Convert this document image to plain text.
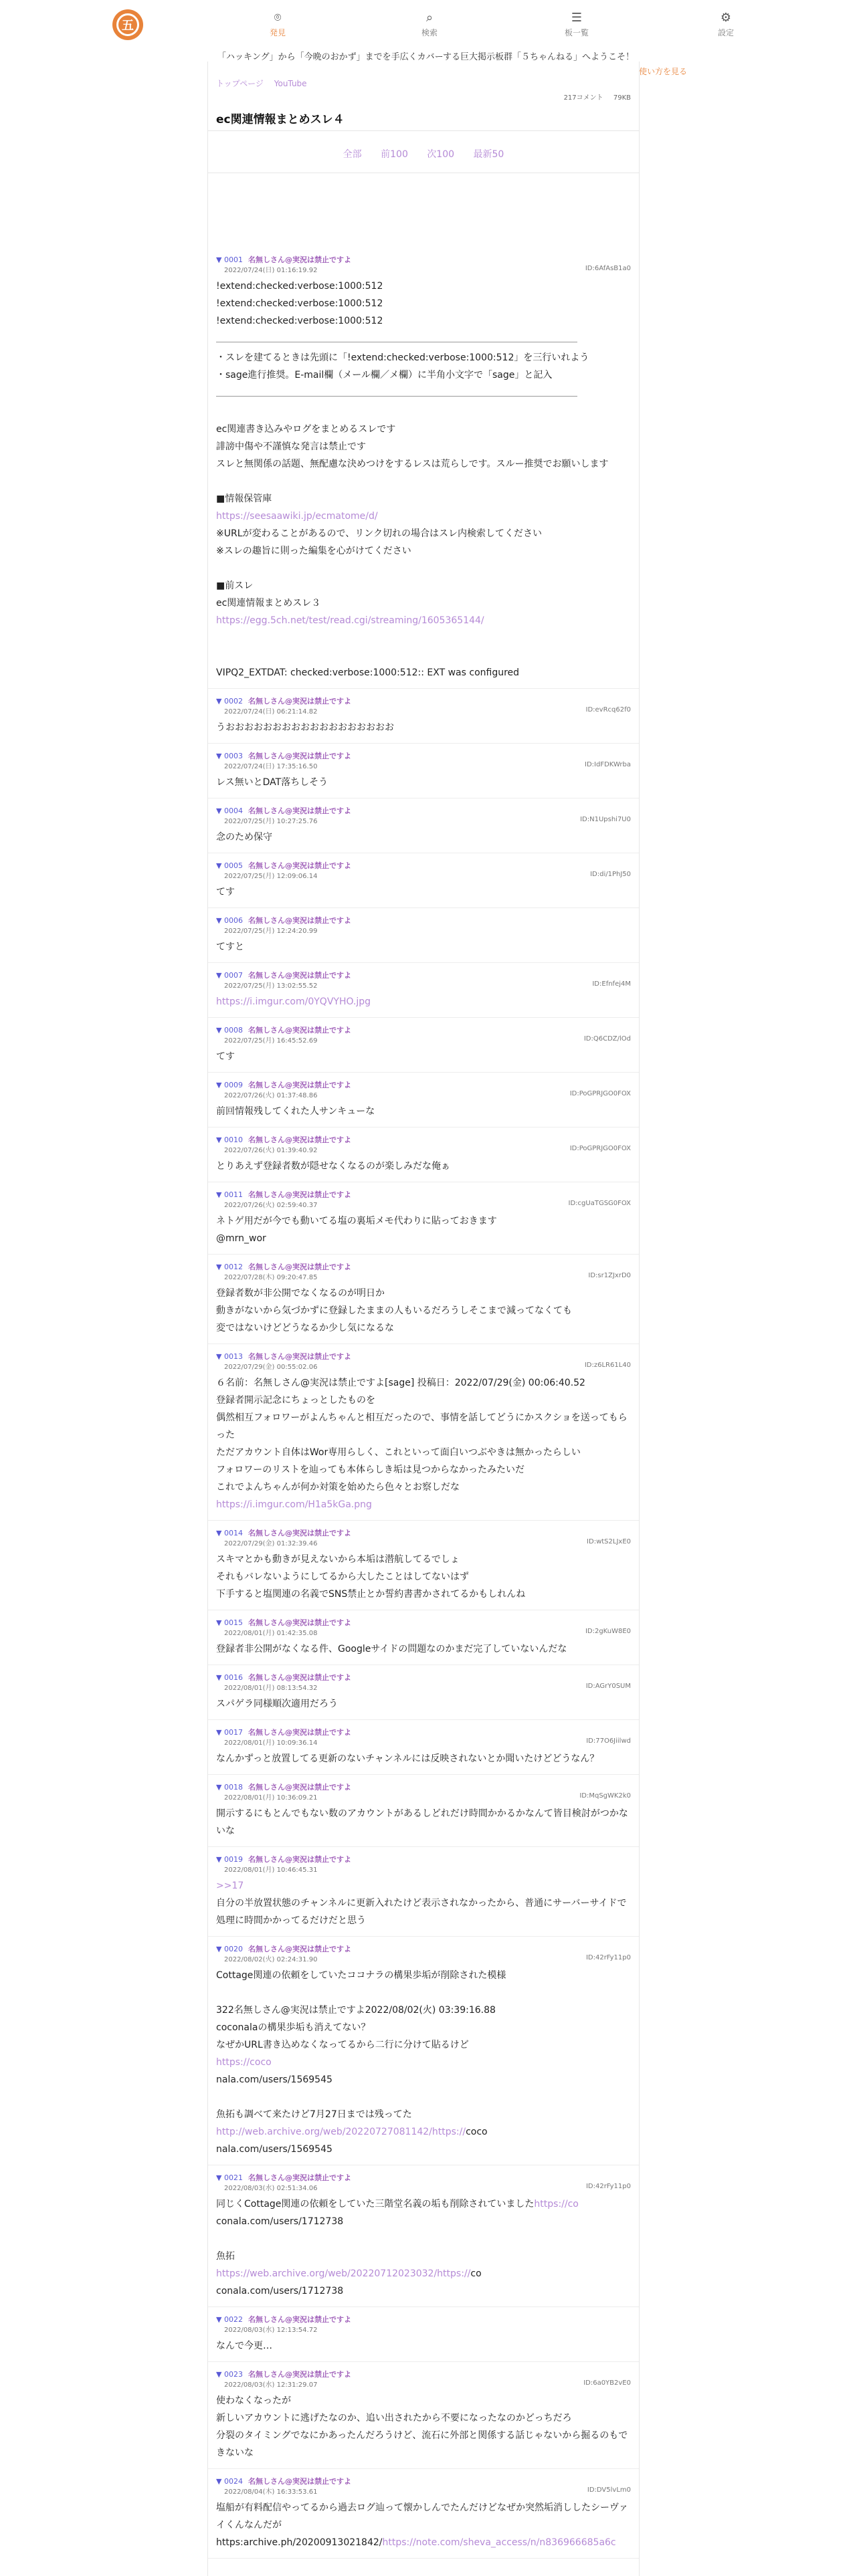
五
⌾
発見
⌕
検索
☰
板一覧
⚙
設定
トップページ YouTube
217コメント 79KB
ec関連情報まとめスレ４
全部 前100 次100 最新50
▼ 0001 名無しさん@実況は禁止ですよ
2022/07/24(日) 01:16:19.92	ID:6AfAsB1a0
!extend:checked:verbose:1000:512
!extend:checked:verbose:1000:512
!extend:checked:verbose:1000:512
・スレを建てるときは先頭に「!extend:checked:verbose:1000:512」を三行いれよう
・sage進行推奨。E-mail欄（メール欄／メ欄）に半角小文字で「sage」と記入
ec関連書き込みやログをまとめるスレです
誹謗中傷や不謹慎な発言は禁止です
スレと無関係の話題、無配慮な決めつけをするレスは荒らしです。スルー推奨でお願いします
■情報保管庫
https://seesaawiki.jp/ecmatome/d/
※URLが変わることがあるので、リンク切れの場合はスレ内検索してください
※スレの趣旨に則った編集を心がけてください
■前スレ
ec関連情報まとめスレ３
https://egg.5ch.net/test/read.cgi/streaming/1605365144/
VIPQ2_EXTDAT: checked:verbose:1000:512:: EXT was configured
▼ 0002 名無しさん@実況は禁止ですよ
2022/07/24(日) 06:21:14.82	ID:evRcq62f0
うおおおおおおおおおおおおおおおおおお
▼ 0003 名無しさん@実況は禁止ですよ
2022/07/24(日) 17:35:16.50	ID:IdFDKWrba
レス無いとDAT落ちしそう
▼ 0004 名無しさん@実況は禁止ですよ
2022/07/25(月) 10:27:25.76	ID:N1Upshi7U0
念のため保守
▼ 0005 名無しさん@実況は禁止ですよ
2022/07/25(月) 12:09:06.14	ID:di/1PhJ50
てす
▼ 0006 名無しさん@実況は禁止ですよ
2022/07/25(月) 12:24:20.99
てすと
▼ 0007 名無しさん@実況は禁止ですよ
2022/07/25(月) 13:02:55.52	ID:Efnfej4M
https://i.imgur.com/0YQVYHO.jpg
▼ 0008 名無しさん@実況は禁止ですよ
2022/07/25(月) 16:45:52.69	ID:Q6CDZ/lOd
てす
▼ 0009 名無しさん@実況は禁止ですよ
2022/07/26(火) 01:37:48.86	ID:PoGPRJGO0FOX
前回情報残してくれた人サンキューな
▼ 0010 名無しさん@実況は禁止ですよ
2022/07/26(火) 01:39:40.92	ID:PoGPRJGO0FOX
とりあえず登録者数が隠せなくなるのが楽しみだな俺ぁ
▼ 0011 名無しさん@実況は禁止ですよ
2022/07/26(火) 02:59:40.37	ID:cgUaTGSG0FOX
ネトゲ用だが今でも動いてる塩の裏垢メモ代わりに貼っておきます
@mrn_wor
▼ 0012 名無しさん@実況は禁止ですよ
2022/07/28(木) 09:20:47.85	ID:sr1ZJxrD0
登録者数が非公開でなくなるのが明日か
動きがないから気づかずに登録したままの人もいるだろうしそこまで減ってなくても
変ではないけどどうなるか少し気になるな
▼ 0013 名無しさん@実況は禁止ですよ
2022/07/29(金) 00:55:02.06	ID:z6LR61L40
６名前：名無しさん@実況は禁止ですよ[sage] 投稿日：2022/07/29(金) 00:06:40.52
登録者開示記念にちょっとしたものを
偶然相互フォロワーがよんちゃんと相互だったので、事情を話してどうにかスクショを送ってもらった
ただアカウント自体はWor専用らしく、これといって面白いつぶやきは無かったらしい
フォロワーのリストを辿っても本体らしき垢は見つからなかったみたいだ
これでよんちゃんが何か対策を始めたら色々とお察しだな
https://i.imgur.com/H1a5kGa.png
▼ 0014 名無しさん@実況は禁止ですよ
2022/07/29(金) 01:32:39.46	ID:wtS2LJxE0
スキマとかも動きが見えないから本垢は潜航してるでしょ
それもバレないようにしてるから大したことはしてないはず
下手すると塩関連の名義でSNS禁止とか誓約書書かされてるかもしれんね
▼ 0015 名無しさん@実況は禁止ですよ
2022/08/01(月) 01:42:35.08	ID:2gKuW8E0
登録者非公開がなくなる件、Googleサイドの問題なのかまだ完了していないんだな
▼ 0016 名無しさん@実況は禁止ですよ
2022/08/01(月) 08:13:54.32	ID:AGrY0SUM
スパゲラ同様順次適用だろう
▼ 0017 名無しさん@実況は禁止ですよ
2022/08/01(月) 10:09:36.14	ID:77O6Jiilwd
なんかずっと放置してる更新のないチャンネルには反映されないとか聞いたけどどうなん？
▼ 0018 名無しさん@実況は禁止ですよ
2022/08/01(月) 10:36:09.21	ID:MqSgWK2k0
開示するにもとんでもない数のアカウントがあるしどれだけ時間かかるかなんて皆目検討がつかないな
▼ 0019 名無しさん@実況は禁止ですよ
2022/08/01(月) 10:46:45.31
>>17
自分の半放置状態のチャンネルに更新入れたけど表示されなかったから、普通にサーバーサイドで処理に時間かかってるだけだと思う
▼ 0020 名無しさん@実況は禁止ですよ
2022/08/02(火) 02:24:31.90	ID:42rFy11p0
Cottage関連の依頼をしていたココナラの構果歩垢が削除された模様

322名無しさん@実況は禁止ですよ2022/08/02(火) 03:39:16.88
coconalaの構果歩垢も消えてない？
なぜかURL書き込めなくなってるから二行に分けて貼るけど
https://coco
nala.com/users/1569545

魚拓も調べて来たけど7月27日までは残ってた
http://web.archive.org/web/20220727081142/https://coco
nala.com/users/1569545
▼ 0021 名無しさん@実況は禁止ですよ
2022/08/03(水) 02:51:34.06	ID:42rFy11p0
同じくCottage関連の依頼をしていた三階堂名義の垢も削除されていましたhttps://co
conala.com/users/1712738

魚拓
https://web.archive.org/web/20220712023032/https://co
conala.com/users/1712738
▼ 0022 名無しさん@実況は禁止ですよ
2022/08/03(水) 12:13:54.72
なんで今更…
▼ 0023 名無しさん@実況は禁止ですよ
2022/08/03(水) 12:31:29.07	ID:6a0YB2vE0
使わなくなったが
新しいアカウントに逃げたなのか、追い出されたから不要になったなのかどっちだろ
分裂のタイミングでなにかあったんだろうけど、流石に外部と関係する話じゃないから掘るのもできないな
▼ 0024 名無しさん@実況は禁止ですよ
2022/08/04(木) 16:33:53.61	ID:DV5lvLm0
塩船が有料配信やってるから過去ログ辿って懐かしんでたんだけどなぜか突然垢消ししたシーヴァイくんなんだが
https:archive.ph/20200913021842/https://note.com/sheva_access/n/n836966685a6c
「ハッキング」から「今晩のおかず」までを手広くカバーする巨大掲示板群「５ちゃんねる」へようこそ！
使い方を見る
